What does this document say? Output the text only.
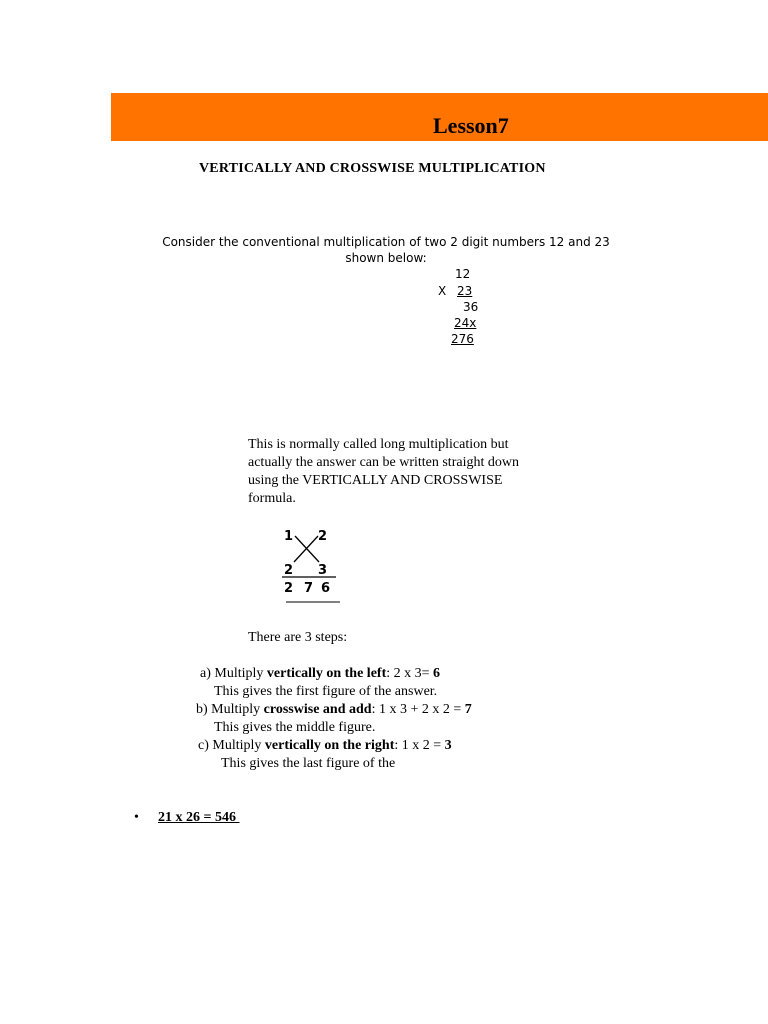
Lesson7
VERTICALLY AND CROSSWISE MULTIPLICATION
Consider the conventional multiplication of two 2 digit numbers 12 and 23
shown below:
12
X 23
36
24x
276

This is normally called long multiplication but actually the answer can be written straight down using the VERTICALLY AND CROSSWISE formula.

1 2
2 3
2 7 6
There are 3 steps:
a) Multiply vertically on the left: 2 x 3= 6
This gives the first figure of the answer.
b) Multiply crosswise and add: 1 x 3 + 2 x 2 = 7
This gives the middle figure.
c) Multiply vertically on the right: 1 x 2 = 3
This gives the last figure of the
• 21 x 26 = 546
